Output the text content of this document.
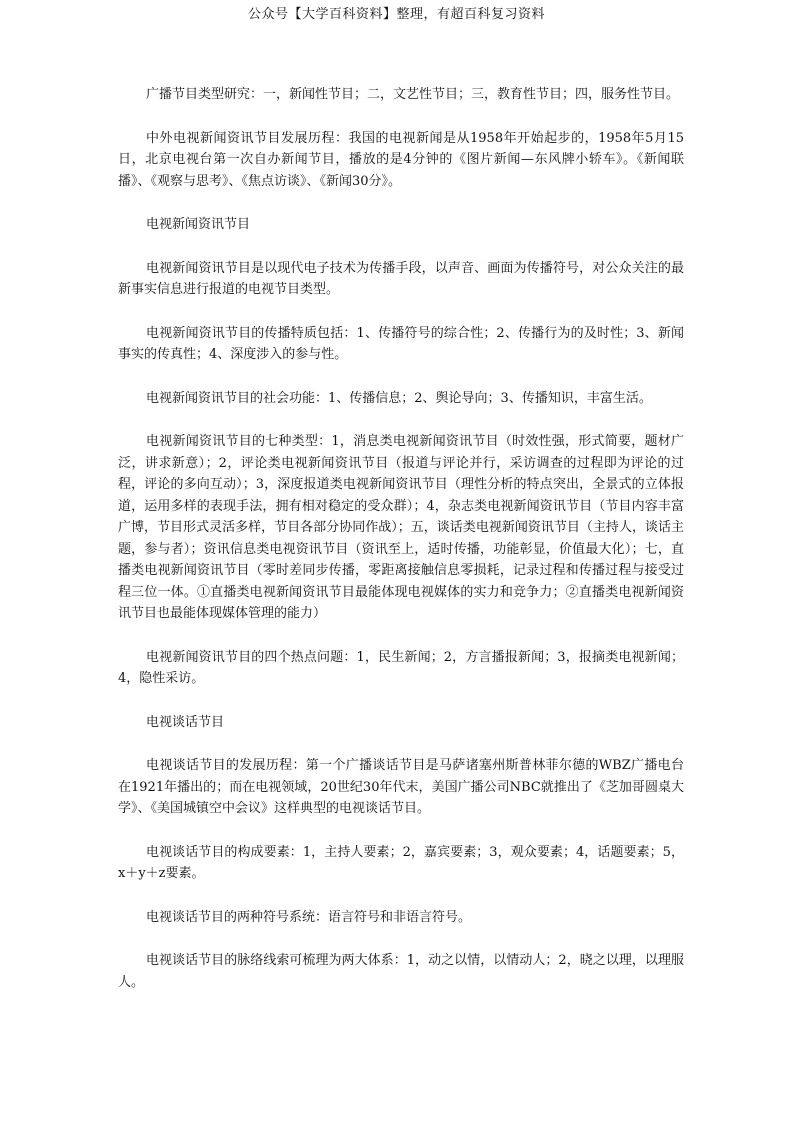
公众号【大学百科资料】整理，有超百科复习资料

广播节目类型研究：一，新闻性节目；二，文艺性节目；三，教育性节目；四，服务性节目。

中外电视新闻资讯节目发展历程：我国的电视新闻是从1958年开始起步的，1958年5月15日，北京电视台第一次自办新闻节目，播放的是4分钟的《图片新闻—东风牌小轿车》。《新闻联播》、《观察与思考》、《焦点访谈》、《新闻30分》。

电视新闻资讯节目

电视新闻资讯节目是以现代电子技术为传播手段，以声音、画面为传播符号，对公众关注的最新事实信息进行报道的电视节目类型。

电视新闻资讯节目的传播特质包括：1、传播符号的综合性；2、传播行为的及时性；3、新闻事实的传真性；4、深度涉入的参与性。

电视新闻资讯节目的社会功能：1、传播信息；2、舆论导向；3、传播知识，丰富生活。

电视新闻资讯节目的七种类型：1，消息类电视新闻资讯节目（时效性强，形式简要，题材广泛，讲求新意）；2，评论类电视新闻资讯节目（报道与评论并行，采访调查的过程即为评论的过程，评论的多向互动）；3，深度报道类电视新闻资讯节目（理性分析的特点突出，全景式的立体报道，运用多样的表现手法，拥有相对稳定的受众群）；4，杂志类电视新闻资讯节目（节目内容丰富广博，节目形式灵活多样，节目各部分协同作战）；五，谈话类电视新闻资讯节目（主持人，谈话主题，参与者）；资讯信息类电视资讯节目（资讯至上，适时传播，功能彰显，价值最大化）；七，直播类电视新闻资讯节目（零时差同步传播，零距离接触信息零损耗，记录过程和传播过程与接受过程三位一体。①直播类电视新闻资讯节目最能体现电视媒体的实力和竞争力；②直播类电视新闻资讯节目也最能体现媒体管理的能力）

电视新闻资讯节目的四个热点问题：1，民生新闻；2，方言播报新闻；3，报摘类电视新闻；4，隐性采访。

电视谈话节目

电视谈话节目的发展历程：第一个广播谈话节目是马萨诸塞州斯普林菲尔德的WBZ广播电台在1921年播出的；而在电视领域，20世纪30年代末，美国广播公司NBC就推出了《芝加哥圆桌大学》、《美国城镇空中会议》这样典型的电视谈话节目。

电视谈话节目的构成要素：1，主持人要素；2，嘉宾要素；3，观众要素；4，话题要素；5，x＋y＋z要素。

电视谈话节目的两种符号系统：语言符号和非语言符号。

电视谈话节目的脉络线索可梳理为两大体系：1，动之以情，以情动人；2，晓之以理，以理服人。
